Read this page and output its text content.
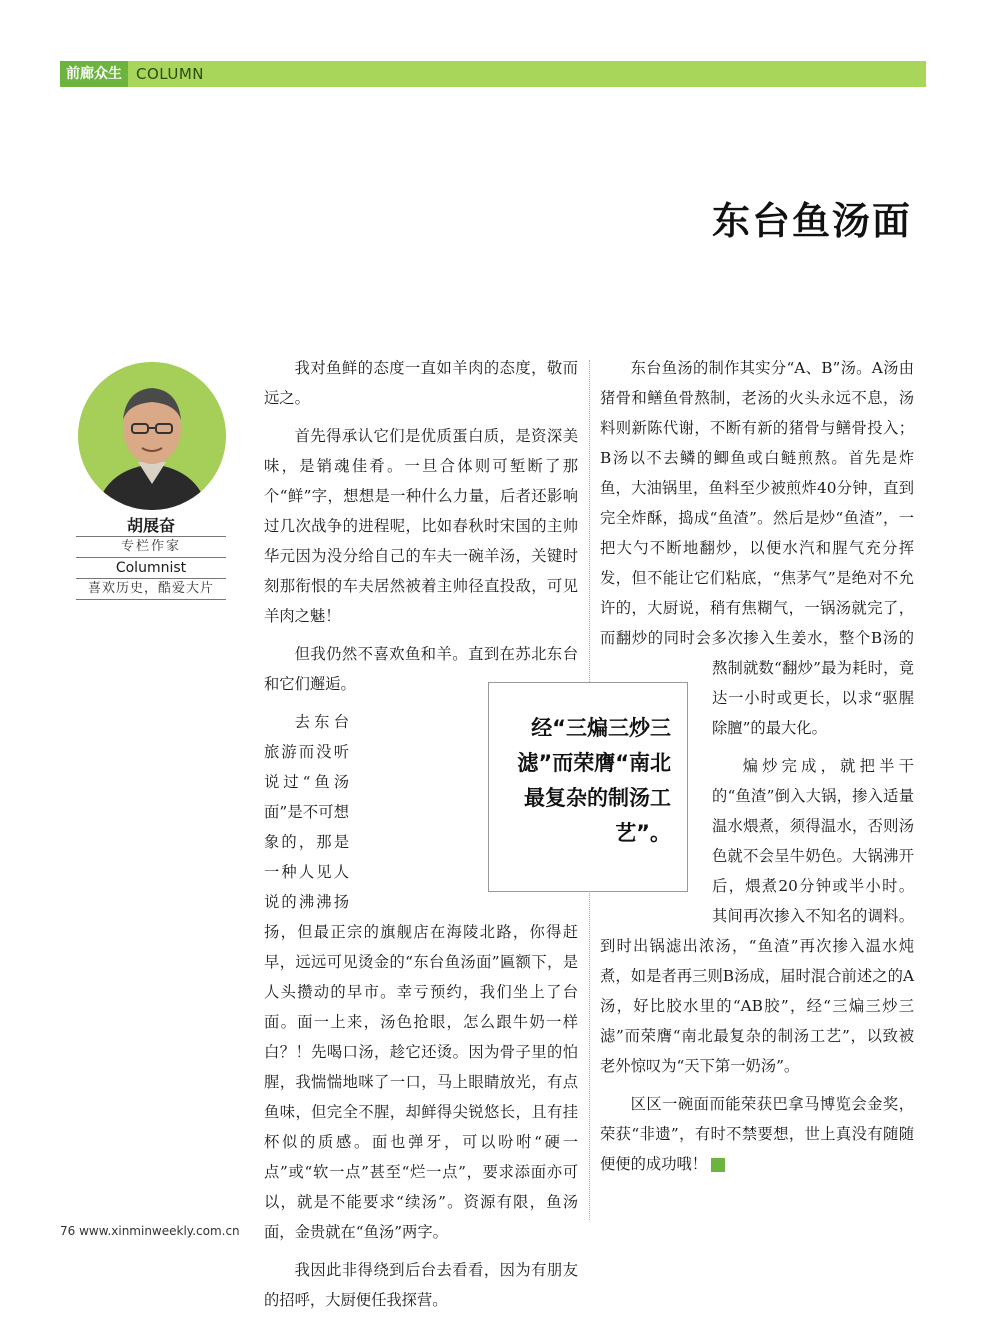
前廊众生 COLUMN
东台鱼汤面
胡展奋
专栏作家
Columnist
喜欢历史，酷爱大片

我对鱼鲜的态度一直如羊肉的态度，敬而远之。

首先得承认它们是优质蛋白质，是资深美味，是销魂佳肴。一旦合体则可堑断了那个“鲜”字，想想是一种什么力量，后者还影响过几次战争的进程呢，比如春秋时宋国的主帅华元因为没分给自己的车夫一碗羊汤，关键时刻那衔恨的车夫居然被着主帅径直投敌，可见羊肉之魅！

但我仍然不喜欢鱼和羊。直到在苏北东台和它们邂逅。

去东台旅游而没听说过“鱼汤面”是不可想象的，那是一种人见人说的沸沸扬扬，但最正宗的旗舰店在海陵北路，你得赶早，远远可见烫金的“东台鱼汤面”匾额下，是人头攒动的早市。幸亏预约，我们坐上了台面。面一上来，汤色抢眼，怎么跟牛奶一样白？！先喝口汤，趁它还烫。因为骨子里的怕腥，我惴惴地咪了一口，马上眼睛放光，有点鱼味，但完全不腥，却鲜得尖锐悠长，且有挂杯似的质感。面也弹牙，可以吩咐“硬一点”或“软一点”甚至“烂一点”，要求添面亦可以，就是不能要求“续汤”。资源有限，鱼汤面，金贵就在“鱼汤”两字。

我因此非得绕到后台去看看，因为有朋友的招呼，大厨便任我探营。

东台鱼汤的制作其实分“A、B”汤。A汤由猪骨和鳝鱼骨熬制，老汤的火头永远不息，汤料则新陈代谢，不断有新的猪骨与鳝骨投入；B汤以不去鳞的鲫鱼或白鲢煎熬。首先是炸鱼，大油锅里，鱼料至少被煎炸40分钟，直到完全炸酥，捣成“鱼渣”。然后是炒“鱼渣”，一把大勺不断地翻炒，以便水汽和腥气充分挥发，但不能让它们粘底，“焦茅气”是绝对不允许的，大厨说，稍有焦糊气，一锅汤就完了，而翻炒的同时会多次掺入生姜水，整个B汤的熬制就数“翻炒”最为耗时，竟达一小时或更长，以求“驱腥除膻”的最大化。

煸炒完成，就把半干的“鱼渣”倒入大锅，掺入适量温水煨煮，须得温水，否则汤色就不会呈牛奶色。大锅沸开后，煨煮20分钟或半小时。其间再次掺入不知名的调料。到时出锅滤出浓汤，“鱼渣”再次掺入温水炖煮，如是者再三则B汤成，届时混合前述之的A汤，好比胶水里的“AB胶”，经“三煸三炒三滤”而荣膺“南北最复杂的制汤工艺”，以致被老外惊叹为“天下第一奶汤”。

区区一碗面而能荣获巴拿马博览会金奖，荣获“非遗”，有时不禁要想，世上真没有随随便便的成功哦！

经“三煸三炒三滤”而荣膺“南北最复杂的制汤工艺”。
76 www.xinminweekly.com.cn
